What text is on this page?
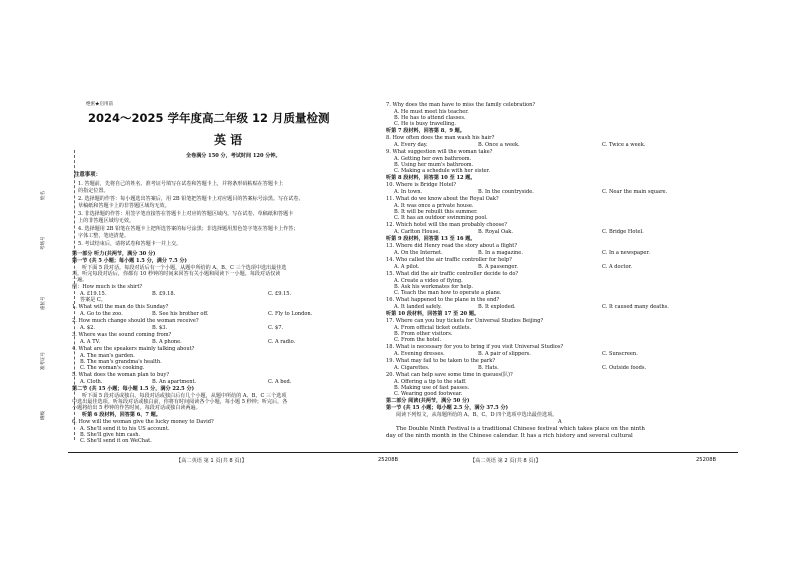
姓名
考场号
座位号
准考证号
班级
绝密★启用前
2024～2025 学年度高二年级 12 月质量检测
英 语
全卷满分 150 分，考试时间 120 分钟。
注意事项：
1. 答题前，先将自己的姓名、准考证号填写在试卷和答题卡上，并将条形码粘贴在答题卡上
的指定位置。
2. 选择题的作答：每小题选出答案后，用 2B 铅笔把答题卡上对应题目的答案标号涂黑。写在试卷、
草稿纸和答题卡上的非答题区域均无效。
3. 非选择题的作答：用签字笔直接答在答题卡上对应的答题区域内。写在试卷、草稿纸和答题卡
上的非答题区域均无效。
4. 选择题用 2B 铅笔在答题卡上把所选答案的标号涂黑；非选择题用黑色签字笔在答题卡上作答；
字体工整，笔迹清楚。
5. 考试结束后，请将试卷和答题卡一并上交。
第一部分 听力(共两节，满分 30 分)
第一节 (共 5 小题；每小题 1.5 分，满分 7.5 分)
听下面 5 段对话。每段对话后有一个小题，从题中所给的 A、B、C 三个选项中选出最佳选
项。听完每段对话后，你都有 10 秒钟的时间来回答有关小题和阅读下一小题。每段对话仅读
一遍。
例：How much is the shirt?
A. £19.15.	B. £9.18.	C. £9.15.
答案是 C。
1. What will the man do this Sunday?
A. Go to the zoo.	B. See his brother off.	C. Fly to London.
2. How much change should the woman receive?
A. $2.	B. $3.	C. $7.
3. Where was the sound coming from?
A. A TV.	B. A phone.	C. A radio.
4. What are the speakers mainly talking about?
A. The man's garden.
B. The man's grandma's health.
C. The woman's cooking.
5. What does the woman plan to buy?
A. Cloth.	B. An apartment.	C. A bed.
第二节 (共 15 小题；每小题 1.5 分，满分 22.5 分)
听下面 5 段对话或独白。每段对话或独白后有几个小题，从题中所给的 A、B、C 三个选项
中选出最佳选项。听每段对话或独白前，你将有时间阅读各个小题，每小题 5 秒钟；听完后，各
小题将给出 5 秒钟的作答时间。每段对话或独白读两遍。
听第 6 段材料，回答第 6、7 题。
6. How will the woman give the lucky money to David?
A. She'll send it to his US account.
B. She'll give him cash.
C. She'll send it on WeChat.
【高二英语 第 1 页(共 8 页)】	25208B
7. Why does the man have to miss the family celebration?
A. He must meet his teacher.
B. He has to attend classes.
C. He is busy travelling.
听第 7 段材料，回答第 8、9 题。
8. How often does the man wash his hair?
A. Every day.	B. Once a week.	C. Twice a week.
9. What suggestion will the woman take?
A. Getting her own bathroom.
B. Using her mum's bathroom.
C. Making a schedule with her sister.
听第 8 段材料，回答第 10 至 12 题。
10. Where is Bridge Hotel?
A. In town.	B. In the countryside.	C. Near the main square.
11. What do we know about the Royal Oak?
A. It was once a private house.
B. It will be rebuilt this summer.
C. It has an outdoor swimming pool.
12. Which hotel will the man probably choose?
A. Carlton House.	B. Royal Oak.	C. Bridge Hotel.
听第 9 段材料，回答第 13 至 16 题。
13. Where did Henry read the story about a flight?
A. On the Internet.	B. In a magazine.	C. In a newspaper.
14. Who called the air traffic controller for help?
A. A pilot.	B. A passenger.	C. A doctor.
15. What did the air traffic controller decide to do?
A. Create a video of flying.
B. Ask his workmates for help.
C. Teach the man how to operate a plane.
16. What happened to the plane in the end?
A. It landed safely.	B. It exploded.	C. It caused many deaths.
听第 10 段材料，回答第 17 至 20 题。
17. Where can you buy tickets for Universal Studios Beijing?
A. From official ticket outlets.
B. From other visitors.
C. From the hotel.
18. What is necessary for you to bring if you visit Universal Studios?
A. Evening dresses.	B. A pair of slippers.	C. Sunscreen.
19. What may fail to be taken to the park?
A. Cigarettes.	B. Hats.	C. Outside foods.
20. What can help save some time in queues(队)?
A. Offering a tip to the staff.
B. Making use of fast passes.
C. Wearing good footwear.
第二部分 阅读(共两节，满分 50 分)
第一节 (共 15 小题；每小题 2.5 分，满分 37.5 分)
阅读下列短文，从每题所给的 A、B、C、D 四个选项中选出最佳选项。
A
The Double Ninth Festival is a traditional Chinese festival which takes place on the ninth
day of the ninth month in the Chinese calendar. It has a rich history and several cultural
【高二英语 第 2 页(共 8 页)】	25208B
